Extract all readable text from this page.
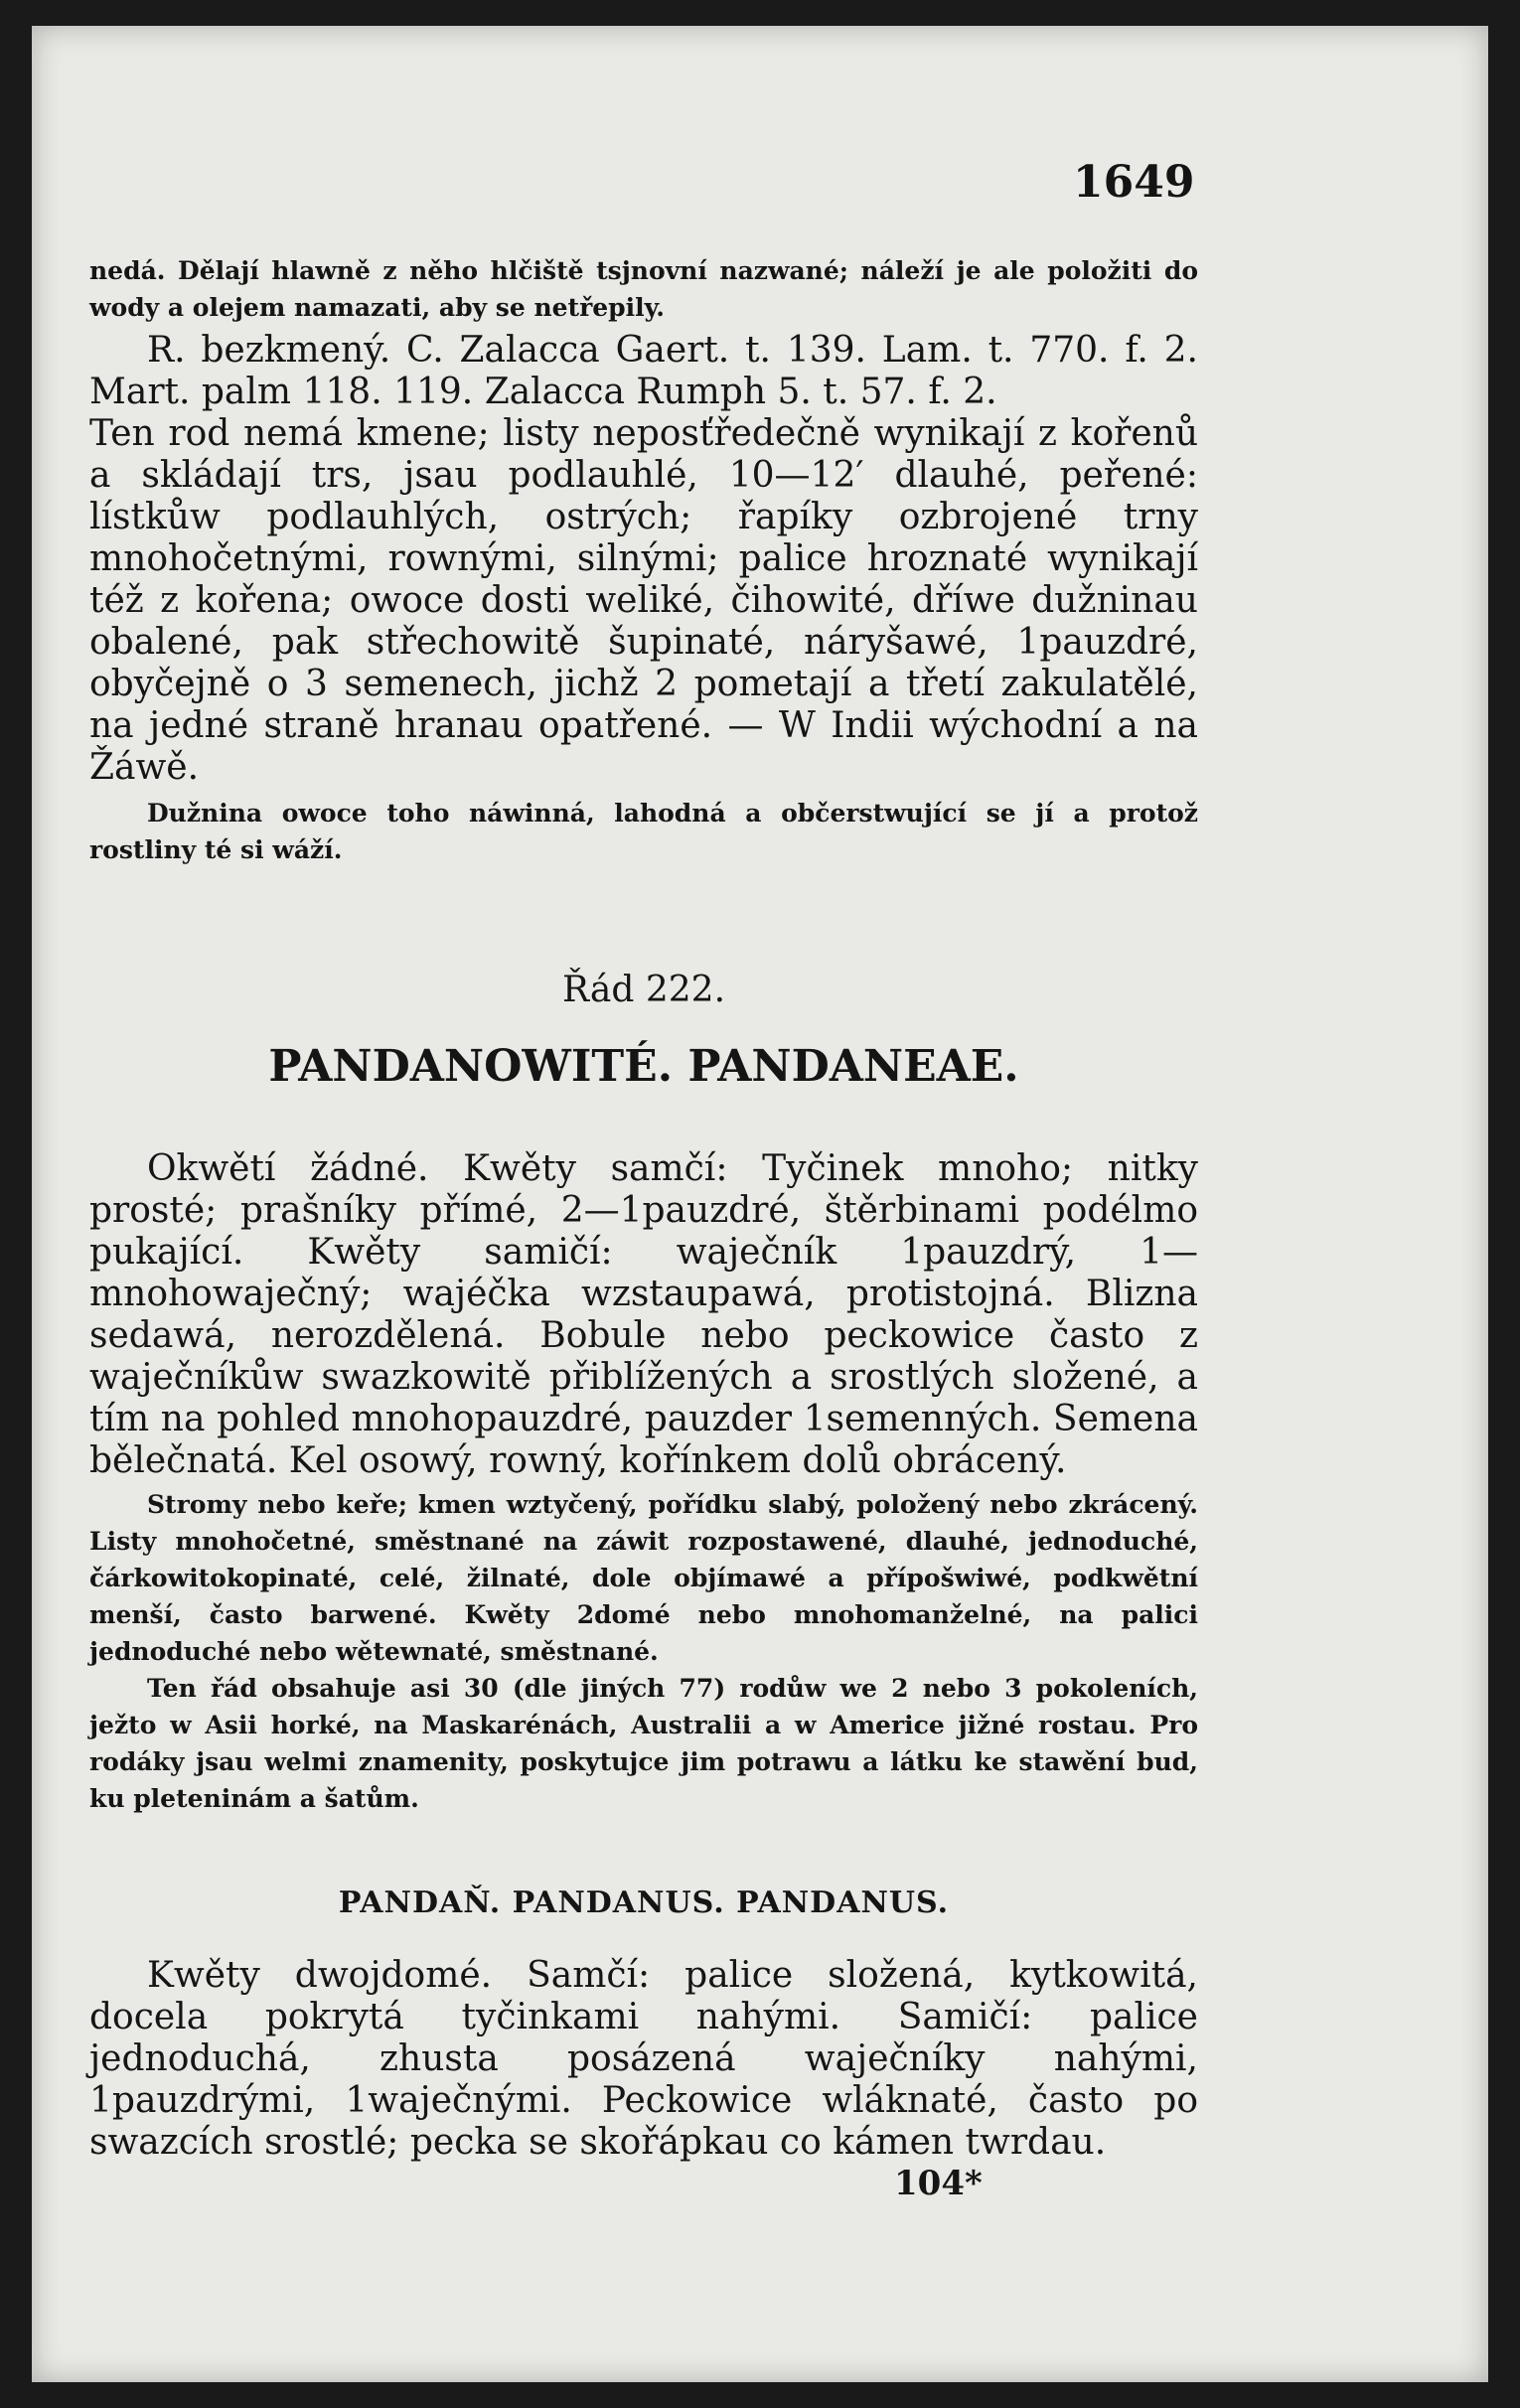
1649

nedá. Dělají hlawně z něho hlčiště tsjnovní nazwané; náleží je ale položiti do wody a olejem namazati, aby se netřepily.

R. bezkmený. C. Zalacca Gaert. t. 139. Lam. t. 770. f. 2. Mart. palm 118. 119. Zalacca Rumph 5. t. 57. f. 2.

Ten rod nemá kmene; listy neposťředečně wynikají z kořenů a skládají trs, jsau podlauhlé, 10—12′ dlauhé, peřené: lístkůw podlauhlých, ostrých; řapíky ozbrojené trny mnohočetnými, rownými, silnými; palice hroznaté wynikají též z kořena; owoce dosti weliké, čihowité, dříwe dužninau obalené, pak střechowitě šupinaté, náryšawé, 1pauzdré, obyčejně o 3 semenech, jichž 2 pometají a třetí zakulatělé, na jedné straně hranau opatřené. — W Indii wýchodní a na Žáwě.

Dužnina owoce toho náwinná, lahodná a občerstwující se jí a protož rostliny té si wáží.

Řád 222.

PANDANOWITÉ. PANDANEAE.

Okwětí žádné. Kwěty samčí: Tyčinek mnoho; nitky prosté; prašníky přímé, 2—1pauzdré, štěrbinami podélmo pukající. Kwěty samičí: waječník 1pauzdrý, 1—mnohowaječný; wajéčka wzstaupawá, protistojná. Blizna sedawá, nerozdělená. Bobule nebo peckowice často z waječníkůw swazkowitě přiblížených a srostlých složené, a tím na pohled mnohopauzdré, pauzder 1semenných. Semena bělečnatá. Kel osowý, rowný, kořínkem dolů obrácený.

Stromy nebo keře; kmen wztyčený, pořídku slabý, položený nebo zkrácený. Listy mnohočetné, směstnané na záwit rozpostawené, dlauhé, jednoduché, čárkowitokopinaté, celé, žilnaté, dole objímawé a přípošwiwé, podkwětní menší, často barwené. Kwěty 2domé nebo mnohomanželné, na palici jednoduché nebo wětewnaté, směstnané.

Ten řád obsahuje asi 30 (dle jiných 77) rodůw we 2 nebo 3 pokoleních, ježto w Asii horké, na Maskarénách, Australii a w Americe jižné rostau. Pro rodáky jsau welmi znamenity, poskytujce jim potrawu a látku ke stawění bud, ku pleteninám a šatům.

PANDAŇ. PANDANUS. PANDANUS.

Kwěty dwojdomé. Samčí: palice složená, kytkowitá, docela pokrytá tyčinkami nahými. Samičí: palice jednoduchá, zhusta posázená waječníky nahými, 1pauzdrými, 1waječnými. Peckowice wláknaté, často po swazcích srostlé; pecka se skořápkau co kámen twrdau.

104*
